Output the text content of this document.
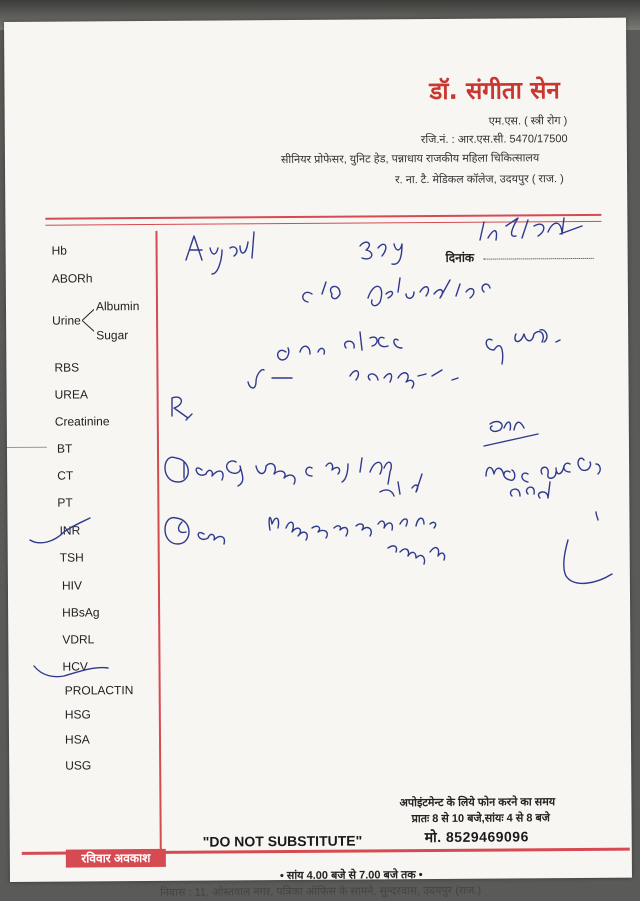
डॉ. संगीता सेन
एम.एस. ( स्त्री रोग )
रजि.नं. : आर.एस.सी. 5470/17500
सीनियर प्रोफेसर, युनिट हेड, पन्नाधाय राजकीय महिला चिकित्सालय
र. ना. टै. मेडिकल कॉलेज, उदयपुर ( राज. )
दिनांक
Hb
ABORh
Urine
Albumin
Sugar
RBS
UREA
Creatinine
BT
CT
PT
INR
TSH
HIV
HBsAg
VDRL
HCV
PROLACTIN
HSG
HSA
USG
अपोइंटमेन्ट के लिये फोन करने का समय
प्रातः 8 से 10 बजे,सांयः 4 से 8 बजे
मो. 8529469096
"DO NOT SUBSTITUTE"
रविवार अवकाश
• सांय 4.00 बजे से 7.00 बजे तक •
निवास : 11, ओस्तवाल नगर, पत्रिका ऑफिस के सामने, सुन्दरवास, उदयपुर (राज.)
